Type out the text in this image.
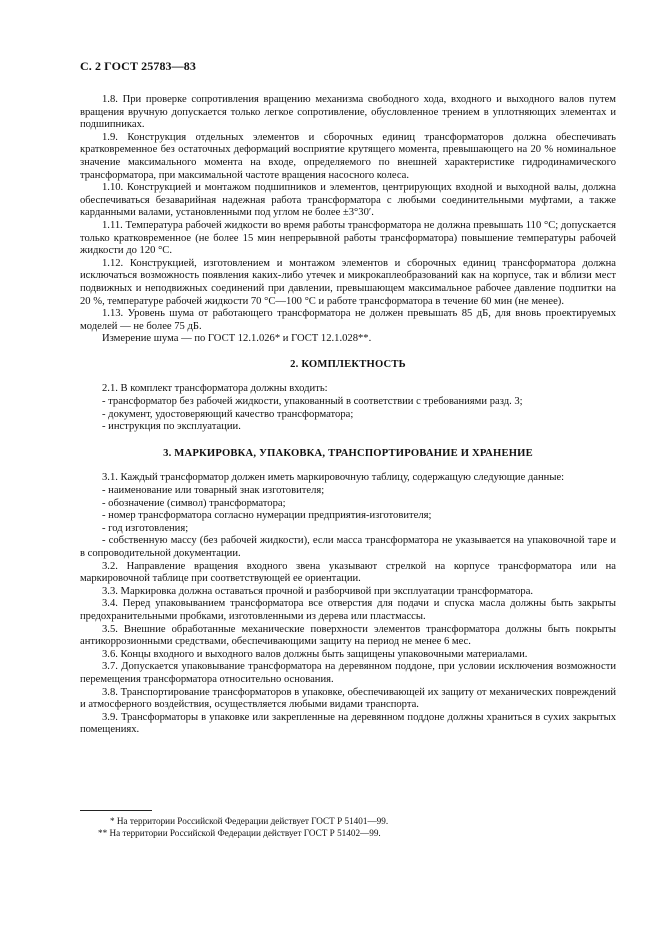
С. 2 ГОСТ 25783—83

1.8. При проверке сопротивления вращению механизма свободного хода, входного и выходного валов путем вращения вручную допускается только легкое сопротивление, обусловленное трением в уплотняющих элементах и подшипниках.

1.9. Конструкция отдельных элементов и сборочных единиц трансформаторов должна обеспечивать кратковременное без остаточных деформаций восприятие крутящего момента, превышающего на 20 % номинальное значение максимального момента на входе, определяемого по внешней характеристике гидродинамического трансформатора, при максимальной частоте вращения насосного колеса.

1.10. Конструкцией и монтажом подшипников и элементов, центрирующих входной и выходной валы, должна обеспечиваться безаварийная надежная работа трансформатора с любыми соединительными муфтами, а также карданными валами, установленными под углом не более ±3°30′.

1.11. Температура рабочей жидкости во время работы трансформатора не должна превышать 110 °С; допускается только кратковременное (не более 15 мин непрерывной работы трансформатора) повышение температуры рабочей жидкости до 120 °С.

1.12. Конструкцией, изготовлением и монтажом элементов и сборочных единиц трансформатора должна исключаться возможность появления каких-либо утечек и микрокаплеобразований как на корпусе, так и вблизи мест подвижных и неподвижных соединений при давлении, превышающем максимальное рабочее давление подпитки на 20 %, температуре рабочей жидкости 70 °С—100 °С и работе трансформатора в течение 60 мин (не менее).

1.13. Уровень шума от работающего трансформатора не должен превышать 85 дБ, для вновь проектируемых моделей — не более 75 дБ.

Измерение шума — по ГОСТ 12.1.026* и ГОСТ 12.1.028**.

2. КОМПЛЕКТНОСТЬ

2.1. В комплект трансформатора должны входить:

- трансформатор без рабочей жидкости, упакованный в соответствии с требованиями разд. 3;

- документ, удостоверяющий качество трансформатора;

- инструкция по эксплуатации.

3. МАРКИРОВКА, УПАКОВКА, ТРАНСПОРТИРОВАНИЕ И ХРАНЕНИЕ

3.1. Каждый трансформатор должен иметь маркировочную таблицу, содержащую следующие данные:

- наименование или товарный знак изготовителя;

- обозначение (символ) трансформатора;

- номер трансформатора согласно нумерации предприятия-изготовителя;

- год изготовления;

- собственную массу (без рабочей жидкости), если масса трансформатора не указывается на упаковочной таре и в сопроводительной документации.

3.2. Направление вращения входного звена указывают стрелкой на корпусе трансформатора или на маркировочной таблице при соответствующей ее ориентации.

3.3. Маркировка должна оставаться прочной и разборчивой при эксплуатации трансформатора.

3.4. Перед упаковыванием трансформатора все отверстия для подачи и спуска масла должны быть закрыты предохранительными пробками, изготовленными из дерева или пластмассы.

3.5. Внешние обработанные механические поверхности элементов трансформатора должны быть покрыты антикоррозионными средствами, обеспечивающими защиту на период не менее 6 мес.

3.6. Концы входного и выходного валов должны быть защищены упаковочными материалами.

3.7. Допускается упаковывание трансформатора на деревянном поддоне, при условии исключения возможности перемещения трансформатора относительно основания.

3.8. Транспортирование трансформаторов в упаковке, обеспечивающей их защиту от механических повреждений и атмосферного воздействия, осуществляется любыми видами транспорта.

3.9. Трансформаторы в упаковке или закрепленные на деревянном поддоне должны храниться в сухих закрытых помещениях.

* На территории Российской Федерации действует ГОСТ Р 51401—99.

** На территории Российской Федерации действует ГОСТ Р 51402—99.
